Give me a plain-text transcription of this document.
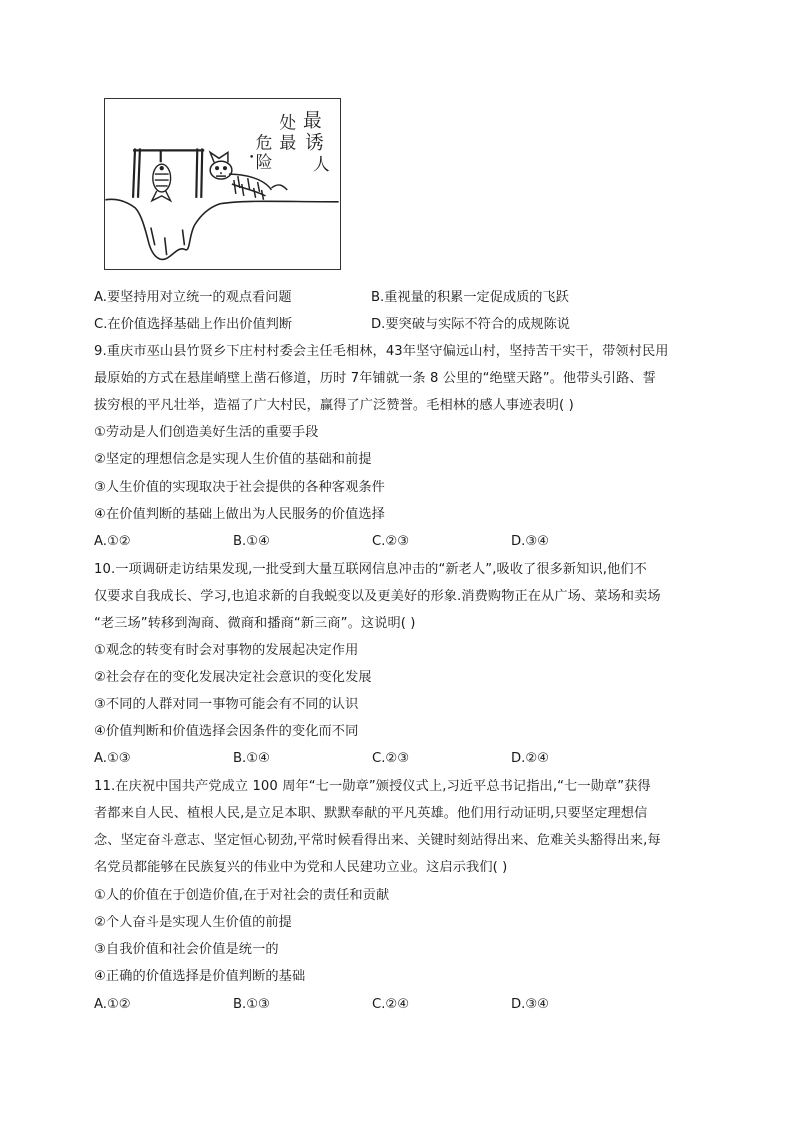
危
险
处
最
最
诱
人
A.要坚持用对立统一的观点看问题	B.重视量的积累一定促成质的飞跃
C.在价值选择基础上作出价值判断	D.要突破与实际不符合的成规陈说
9.重庆市巫山县竹贤乡下庄村村委会主任毛相林，43年坚守偏远山村，坚持苦干实干，带领村民用
最原始的方式在悬崖峭壁上凿石修道，历时 7年铺就一条 8 公里的“绝壁天路”。他带头引路、誓
拔穷根的平凡壮举，造福了广大村民，赢得了广泛赞誉。毛相林的感人事迹表明( )
①劳动是人们创造美好生活的重要手段
②坚定的理想信念是实现人生价值的基础和前提
③人生价值的实现取决于社会提供的各种客观条件
④在价值判断的基础上做出为人民服务的价值选择
A.①②	B.①④	C.②③	D.③④
10.一项调研走访结果发现,一批受到大量互联网信息冲击的“新老人”,吸收了很多新知识,他们不
仅要求自我成长、学习,也追求新的自我蜕变以及更美好的形象.消费购物正在从广场、菜场和卖场
“老三场”转移到淘商、微商和播商“新三商”。这说明( )
①观念的转变有时会对事物的发展起决定作用
②社会存在的变化发展决定社会意识的变化发展
③不同的人群对同一事物可能会有不同的认识
④价值判断和价值选择会因条件的变化而不同
A.①③	B.①④	C.②③	D.②④
11.在庆祝中国共产党成立 100 周年“七一勋章”颁授仪式上,习近平总书记指出,“七一勋章”获得
者都来自人民、植根人民,是立足本职、默默奉献的平凡英雄。他们用行动证明,只要坚定理想信
念、坚定奋斗意志、坚定恒心韧劲,平常时候看得出来、关键时刻站得出来、危难关头豁得出来,每
名党员都能够在民族复兴的伟业中为党和人民建功立业。这启示我们( )
①人的价值在于创造价值,在于对社会的责任和贡献
②个人奋斗是实现人生价值的前提
③自我价值和社会价值是统一的
④正确的价值选择是价值判断的基础
A.①②	B.①③	C.②④	D.③④
